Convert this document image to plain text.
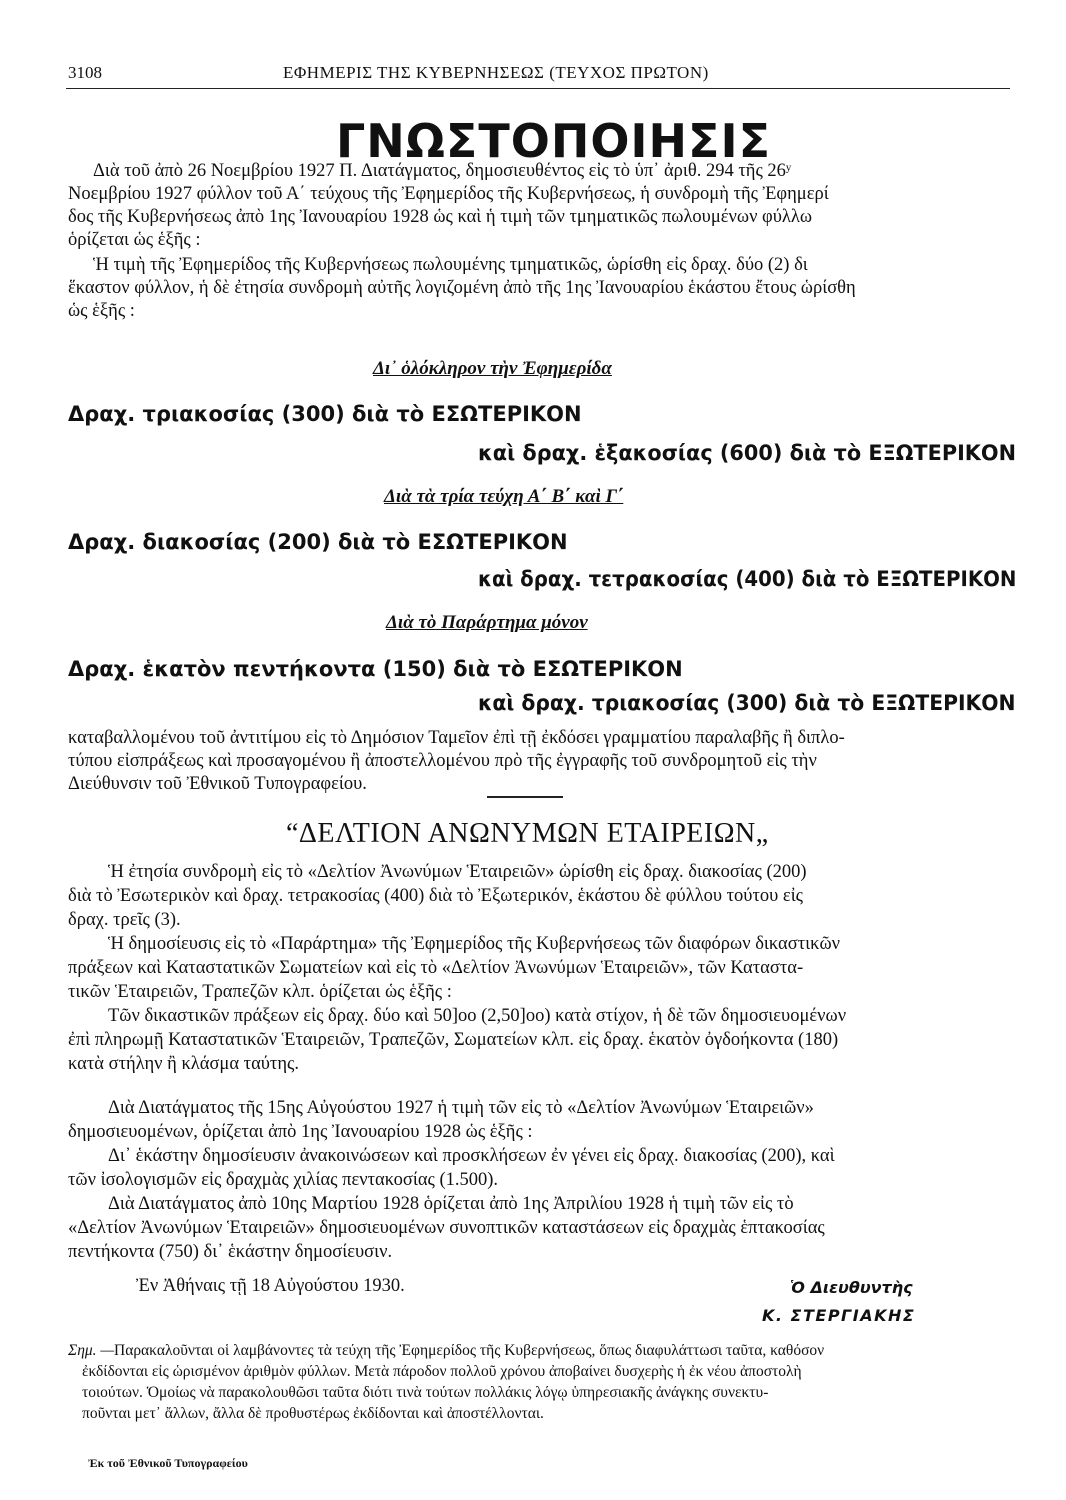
3108	ΕΦΗΜΕΡΙΣ ΤΗΣ ΚΥΒΕΡΝΗΣΕΩΣ (ΤΕΥΧΟΣ ΠΡΩΤΟΝ)
ΓΝΩΣΤΟΠΟΙΗΣΙΣ
Διὰ τοῦ ἀπὸ 26 Νοεμβρίου 1927 Π. Διατάγματος, δημοσιευθέντος εἰς τὸ ὑπ᾽ ἀριθ. 294 τῆς 26ʸ
Νοεμβρίου 1927 φύλλον τοῦ Α΄ τεύχους τῆς Ἐφημερίδος τῆς Κυβερνήσεως, ἡ συνδρομὴ τῆς Ἐφημερί
δος τῆς Κυβερνήσεως ἀπὸ 1ης Ἰανουαρίου 1928 ὡς καὶ ἡ τιμὴ τῶν τμηματικῶς πωλουμένων φύλλω
ὁρίζεται ὡς ἑξῆς :
Ἡ τιμὴ τῆς Ἐφημερίδος τῆς Κυβερνήσεως πωλουμένης τμηματικῶς, ὡρίσθη εἰς δραχ. δύο (2) δι
ἕκαστον φύλλον, ἡ δὲ ἐτησία συνδρομὴ αὐτῆς λογιζομένη ἀπὸ τῆς 1ης Ἰανουαρίου ἑκάστου ἔτους ὡρίσθη
ὡς ἑξῆς :
Δι᾽ ὁλόκληρον τὴν Ἐφημερίδα
Δραχ. τριακοσίας (300) διὰ τὸ ΕΣΩΤΕΡΙΚΟΝ
καὶ δραχ. ἑξακοσίας (600) διὰ τὸ ΕΞΩΤΕΡΙΚΟΝ
Διὰ τὰ τρία τεύχη Α΄ Β΄ καὶ Γ΄
Δραχ. διακοσίας (200) διὰ τὸ ΕΣΩΤΕΡΙΚΟΝ
καὶ δραχ. τετρακοσίας (400) διὰ τὸ ΕΞΩΤΕΡΙΚΟΝ
Διὰ τὸ Παράρτημα μόνον
Δραχ. ἑκατὸν πεντήκοντα (150) διὰ τὸ ΕΣΩΤΕΡΙΚΟΝ
καὶ δραχ. τριακοσίας (300) διὰ τὸ ΕΞΩΤΕΡΙΚΟΝ
καταβαλλομένου τοῦ ἀντιτίμου εἰς τὸ Δημόσιον Ταμεῖον ἐπὶ τῇ ἐκδόσει γραμματίου παραλαβῆς ἢ διπλο-
τύπου εἰσπράξεως καὶ προσαγομένου ἢ ἀποστελλομένου πρὸ τῆς ἐγγραφῆς τοῦ συνδρομητοῦ εἰς τὴν
Διεύθυνσιν τοῦ Ἐθνικοῦ Τυπογραφείου.
“ΔΕΛΤΙΟΝ ΑΝΩΝΥΜΩΝ ΕΤΑΙΡΕΙΩΝ„
Ἡ ἐτησία συνδρομὴ εἰς τὸ «Δελτίον Ἀνωνύμων Ἑταιρειῶν» ὡρίσθη εἰς δραχ. διακοσίας (200)
διὰ τὸ Ἐσωτερικὸν καὶ δραχ. τετρακοσίας (400) διὰ τὸ Ἐξωτερικόν, ἑκάστου δὲ φύλλου τούτου εἰς
δραχ. τρεῖς (3).
Ἡ δημοσίευσις εἰς τὸ «Παράρτημα» τῆς Ἐφημερίδος τῆς Κυβερνήσεως τῶν διαφόρων δικαστικῶν
πράξεων καὶ Καταστατικῶν Σωματείων καὶ εἰς τὸ «Δελτίον Ἀνωνύμων Ἑταιρειῶν», τῶν Καταστα-
τικῶν Ἑταιρειῶν, Τραπεζῶν κλπ. ὁρίζεται ὡς ἑξῆς :
Τῶν δικαστικῶν πράξεων εἰς δραχ. δύο καὶ 50]οο (2,50]οο) κατὰ στίχον, ἡ δὲ τῶν δημοσιευομένων
ἐπὶ πληρωμῇ Καταστατικῶν Ἑταιρειῶν, Τραπεζῶν, Σωματείων κλπ. εἰς δραχ. ἑκατὸν ὀγδοήκοντα (180)
κατὰ στήλην ἢ κλάσμα ταύτης.
Διὰ Διατάγματος τῆς 15ης Αὐγούστου 1927 ἡ τιμὴ τῶν εἰς τὸ «Δελτίον Ἀνωνύμων Ἑταιρειῶν»
δημοσιευομένων, ὁρίζεται ἀπὸ 1ης Ἰανουαρίου 1928 ὡς ἑξῆς :
Δι᾽ ἑκάστην δημοσίευσιν ἀνακοινώσεων καὶ προσκλήσεων ἐν γένει εἰς δραχ. διακοσίας (200), καὶ
τῶν ἰσολογισμῶν εἰς δραχμὰς χιλίας πεντακοσίας (1.500).
Διὰ Διατάγματος ἀπὸ 10ης Μαρτίου 1928 ὁρίζεται ἀπὸ 1ης Ἀπριλίου 1928 ἡ τιμὴ τῶν εἰς τὸ
«Δελτίον Ἀνωνύμων Ἑταιρειῶν» δημοσιευομένων συνοπτικῶν καταστάσεων εἰς δραχμὰς ἑπτακοσίας
πεντήκοντα (750) δι᾽ ἑκάστην δημοσίευσιν.
Ἐν Ἀθήναις τῇ 18 Αὐγούστου 1930.	Ὁ Διευθυντὴς
Κ. ΣΤΕΡΓΙΑΚΗΣ
Σημ. — Παρακαλοῦνται οἱ λαμβάνοντες τὰ τεύχη τῆς Ἐφημερίδος τῆς Κυβερνήσεως, ὅπως διαφυλάττωσι ταῦτα, καθόσον
ἐκδίδονται εἰς ὡρισμένον ἀριθμὸν φύλλων. Μετὰ πάροδον πολλοῦ χρόνου ἀποβαίνει δυσχερὴς ἡ ἐκ νέου ἀποστολὴ
τοιούτων. Ὁμοίως νὰ παρακολουθῶσι ταῦτα διότι τινὰ τούτων πολλάκις λόγῳ ὑπηρεσιακῆς ἀνάγκης συνεκτυ-
ποῦνται μετ᾽ ἄλλων, ἄλλα δὲ προθυστέρως ἐκδίδονται καὶ ἀποστέλλονται.
Ἐκ τοῦ Ἐθνικοῦ Τυπογραφείου
